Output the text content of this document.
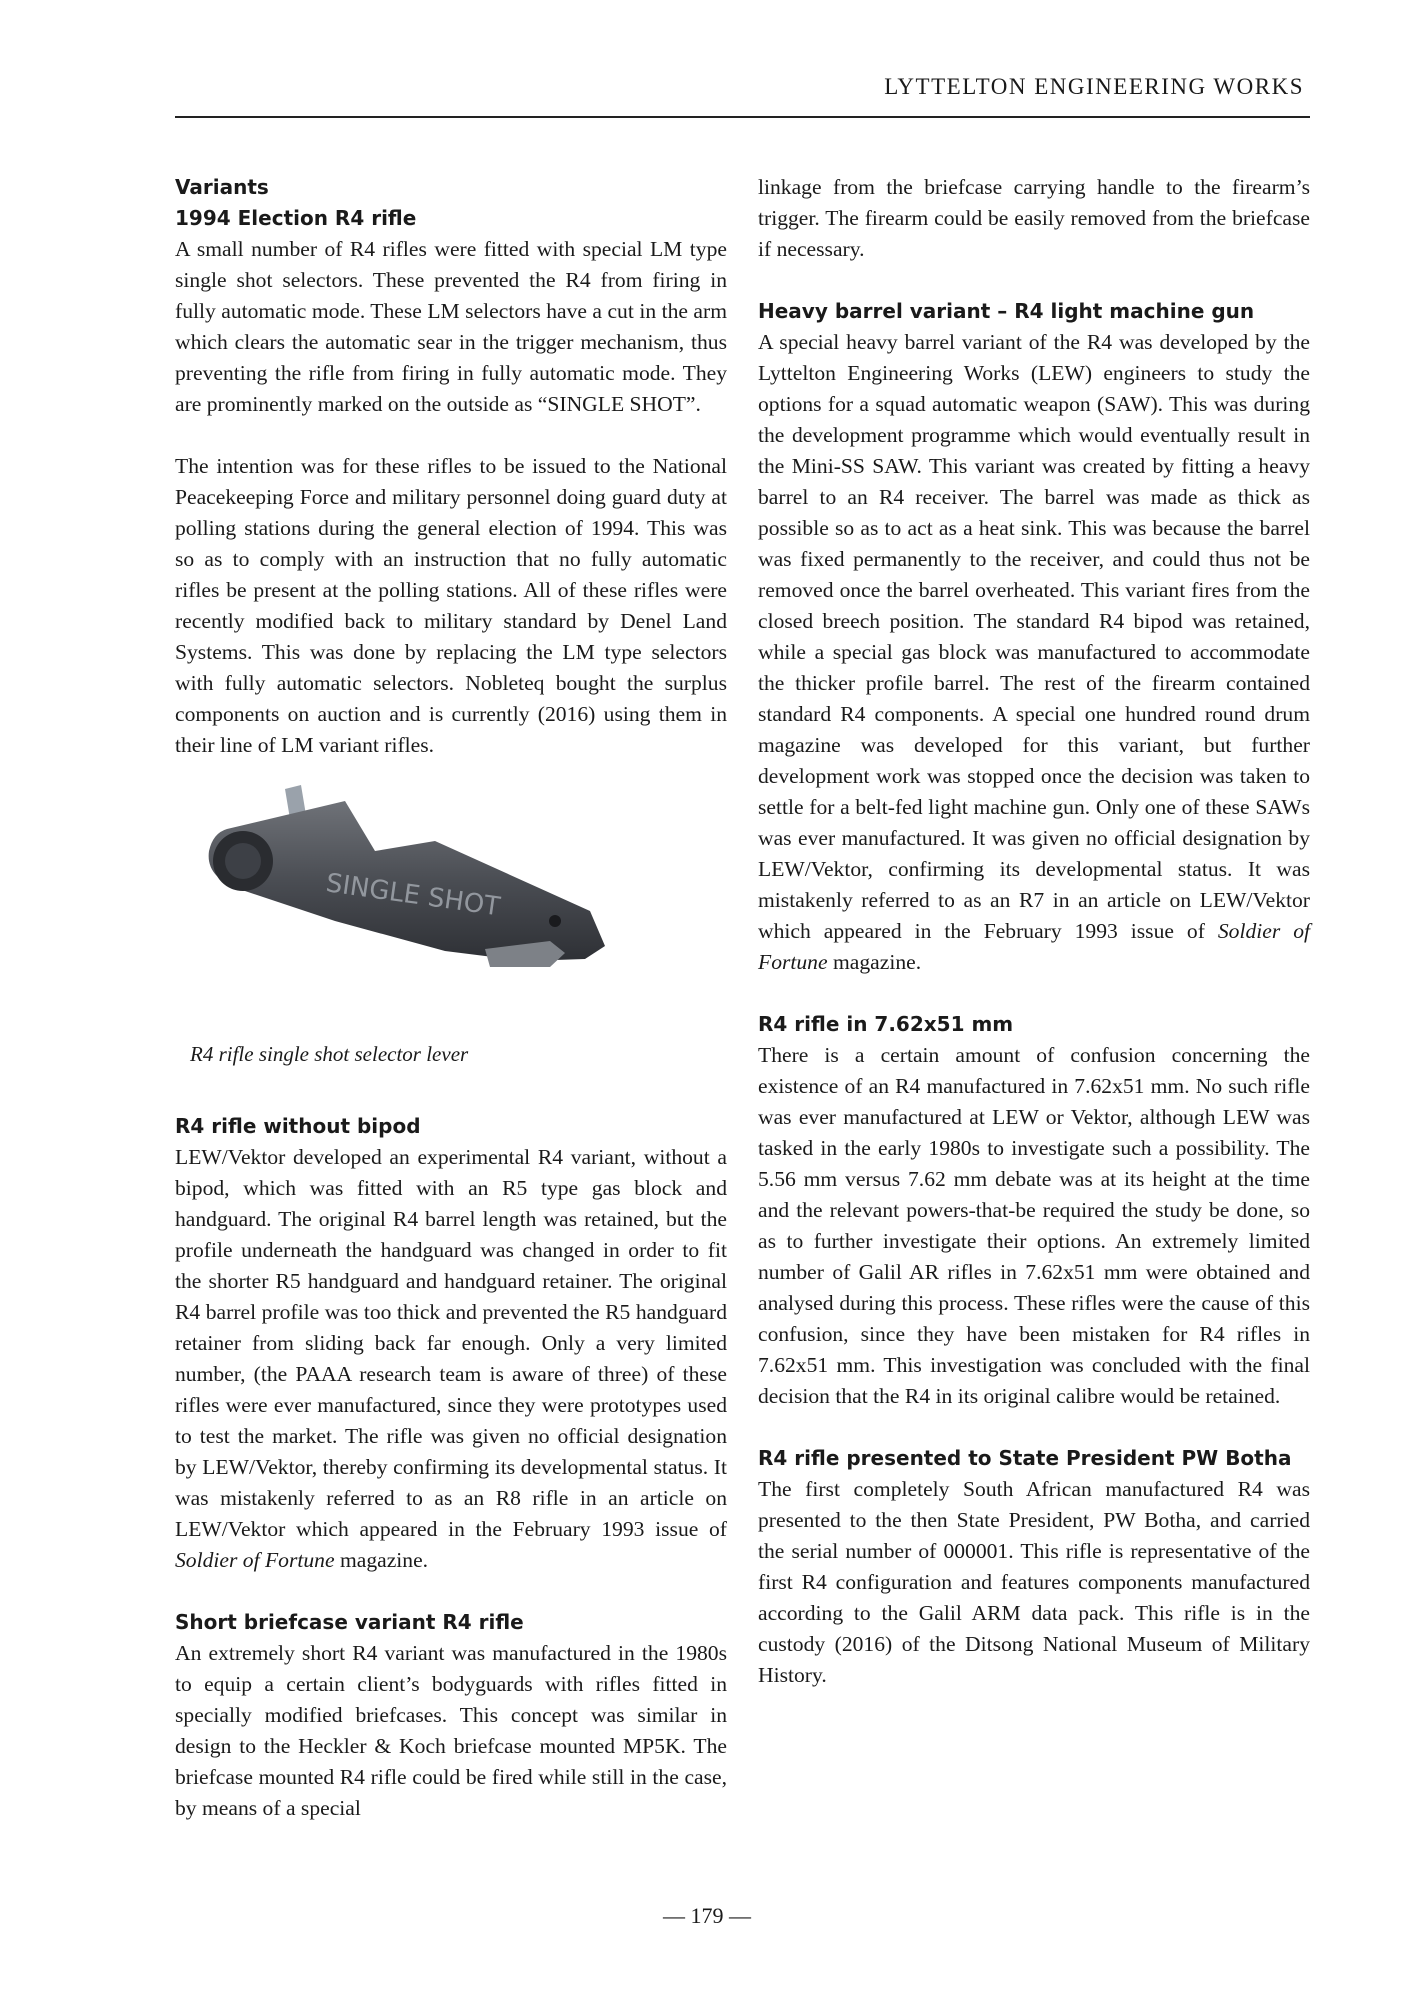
LYTTELTON ENGINEERING WORKS
Variants
1994 Election R4 rifle

A small number of R4 rifles were fitted with special LM type single shot selectors. These prevented the R4 from firing in fully automatic mode. These LM selectors have a cut in the arm which clears the automatic sear in the trigger mechanism, thus preventing the rifle from firing in fully automatic mode. They are prominently marked on the outside as “SINGLE SHOT”.

The intention was for these rifles to be issued to the National Peacekeeping Force and military personnel doing guard duty at polling stations during the general election of 1994. This was so as to comply with an instruction that no fully automatic rifles be present at the polling stations. All of these rifles were recently modified back to military standard by Denel Land Systems. This was done by replacing the LM type selectors with fully automatic selectors. Nobleteq bought the surplus components on auction and is currently (2016) using them in their line of LM variant rifles.

SINGLE SHOT
R4 rifle single shot selector lever
R4 rifle without bipod

LEW/Vektor developed an experimental R4 variant, without a bipod, which was fitted with an R5 type gas block and handguard. The original R4 barrel length was retained, but the profile underneath the handguard was changed in order to fit the shorter R5 handguard and handguard retainer. The original R4 barrel profile was too thick and prevented the R5 handguard retainer from sliding back far enough. Only a very limited number, (the PAAA research team is aware of three) of these rifles were ever manufactured, since they were prototypes used to test the market. The rifle was given no official designation by LEW/Vektor, thereby confirming its developmental status. It was mistakenly referred to as an R8 rifle in an article on LEW/Vektor which appeared in the February 1993 issue of Soldier of Fortune magazine.

Short briefcase variant R4 rifle

An extremely short R4 variant was manufactured in the 1980s to equip a certain client’s bodyguards with rifles fitted in specially modified briefcases. This concept was similar in design to the Heckler & Koch briefcase mounted MP5K. The briefcase mounted R4 rifle could be fired while still in the case, by means of a special

linkage from the briefcase carrying handle to the firearm’s trigger. The firearm could be easily removed from the briefcase if necessary.

Heavy barrel variant – R4 light machine gun

A special heavy barrel variant of the R4 was developed by the Lyttelton Engineering Works (LEW) engineers to study the options for a squad automatic weapon (SAW). This was during the development programme which would eventually result in the Mini-SS SAW. This variant was created by fitting a heavy barrel to an R4 receiver. The barrel was made as thick as possible so as to act as a heat sink. This was because the barrel was fixed permanently to the receiver, and could thus not be removed once the barrel overheated. This variant fires from the closed breech position. The standard R4 bipod was retained, while a special gas block was manufactured to accommodate the thicker profile barrel. The rest of the firearm contained standard R4 components. A special one hundred round drum magazine was developed for this variant, but further development work was stopped once the decision was taken to settle for a belt-fed light machine gun. Only one of these SAWs was ever manufactured. It was given no official designation by LEW/Vektor, confirming its developmental status. It was mistakenly referred to as an R7 in an article on LEW/Vektor which appeared in the February 1993 issue of Soldier of Fortune magazine.

R4 rifle in 7.62x51 mm

There is a certain amount of confusion concerning the existence of an R4 manufactured in 7.62x51 mm. No such rifle was ever manufactured at LEW or Vektor, although LEW was tasked in the early 1980s to investigate such a possibility. The 5.56 mm versus 7.62 mm debate was at its height at the time and the relevant powers-that-be required the study be done, so as to further investigate their options. An extremely limited number of Galil AR rifles in 7.62x51 mm were obtained and analysed during this process. These rifles were the cause of this confusion, since they have been mistaken for R4 rifles in 7.62x51 mm. This investigation was concluded with the final decision that the R4 in its original calibre would be retained.

R4 rifle presented to State President PW Botha

The first completely South African manufactured R4 was presented to the then State President, PW Botha, and carried the serial number of 000001. This rifle is representative of the first R4 configuration and features components manufactured according to the Galil ARM data pack. This rifle is in the custody (2016) of the Ditsong National Museum of Military History.

— 179 —
